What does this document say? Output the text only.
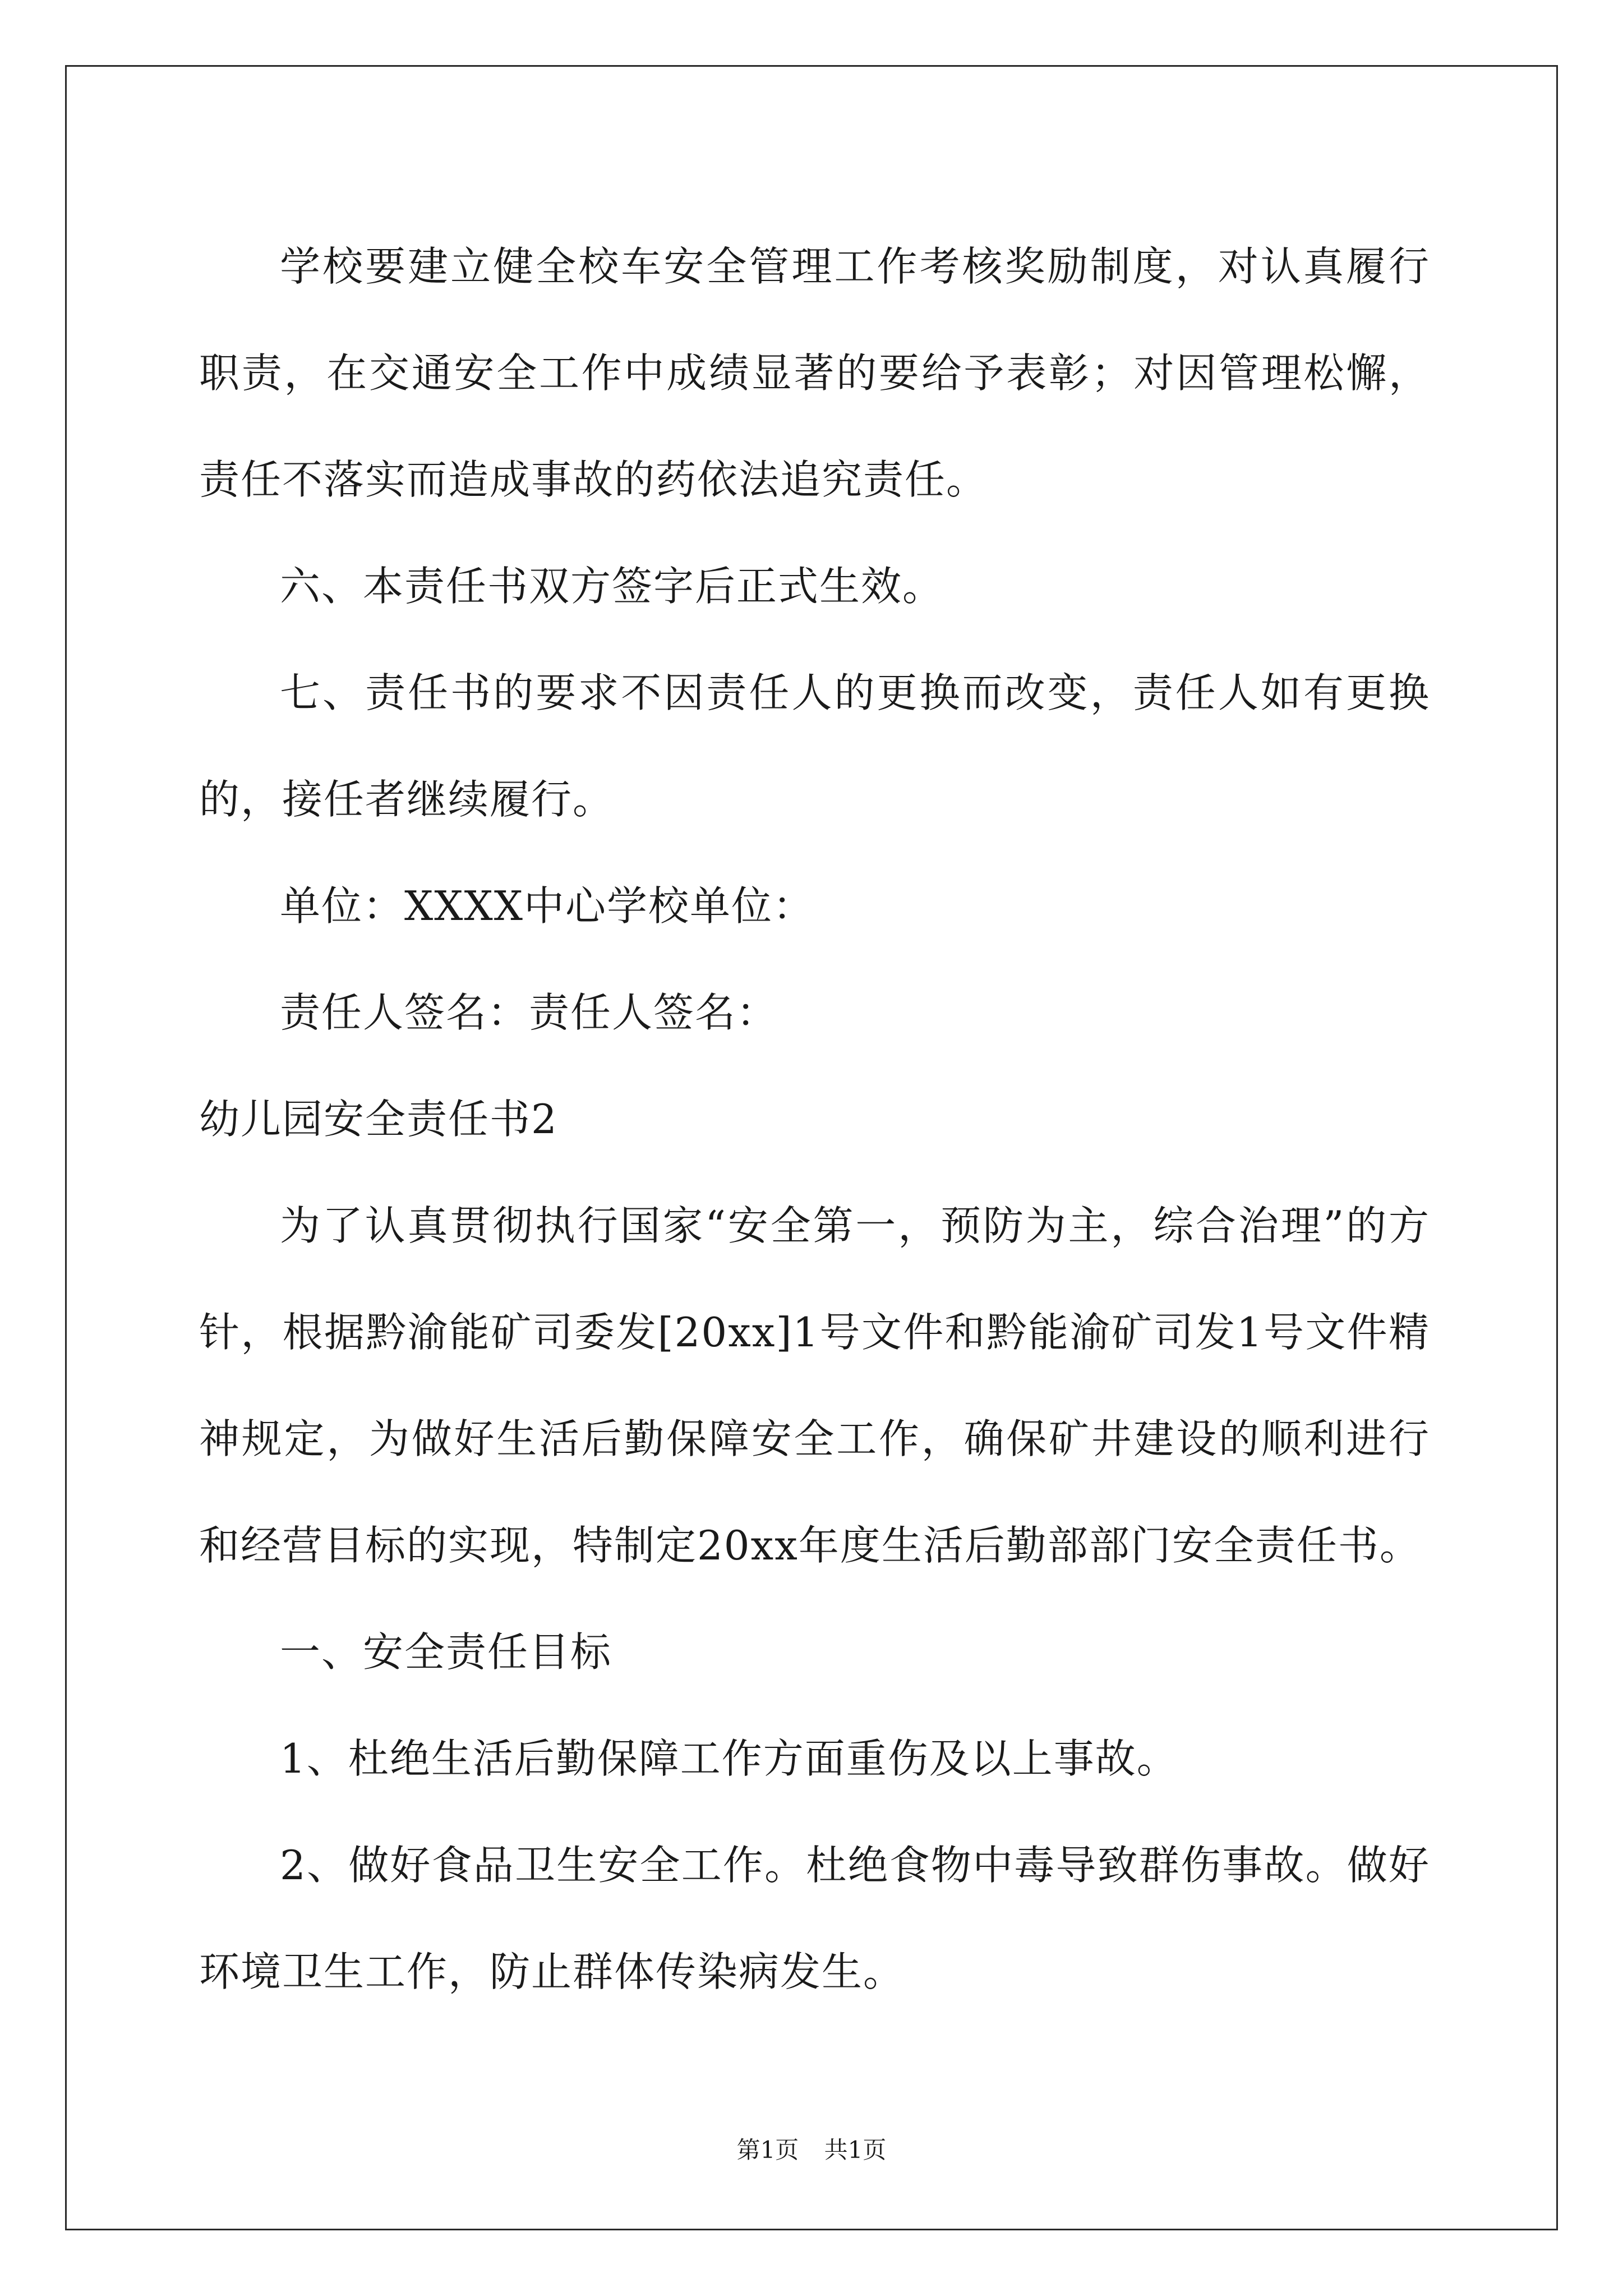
学校要建立健全校车安全管理工作考核奖励制度，对认真履行职责，在交通安全工作中成绩显著的要给予表彰；对因管理松懈，责任不落实而造成事故的药依法追究责任。

六、本责任书双方签字后正式生效。

七、责任书的要求不因责任人的更换而改变，责任人如有更换的，接任者继续履行。

单位：XXXX中心学校单位：

责任人签名：责任人签名：

幼儿园安全责任书2

为了认真贯彻执行国家“安全第一，预防为主，综合治理”的方针，根据黔渝能矿司委发[20xx]1号文件和黔能渝矿司发1号文件精神规定，为做好生活后勤保障安全工作，确保矿井建设的顺利进行和经营目标的实现，特制定20xx年度生活后勤部部门安全责任书。

一、安全责任目标

1、杜绝生活后勤保障工作方面重伤及以上事故。

2、做好食品卫生安全工作。杜绝食物中毒导致群伤事故。做好环境卫生工作，防止群体传染病发生。

第1页 共1页
